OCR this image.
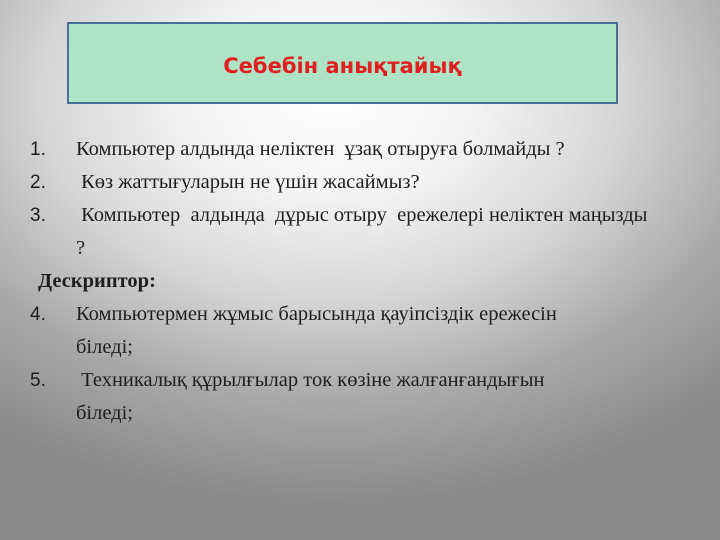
Себебін анықтайық
1. Компьютер алдында неліктен  ұзақ отыруға болмайды ?
2. Көз жаттығуларын не үшін жасаймыз?
3. Компьютер  алдында  дұрыс отыру  ережелері неліктен маңызды ?
Дескриптор:
4. Компьютермен жұмыс барысында қауіпсіздік ережесін біледі;
5. Техникалық құрылғылар ток көзіне жалғанғандығын   біледі;
